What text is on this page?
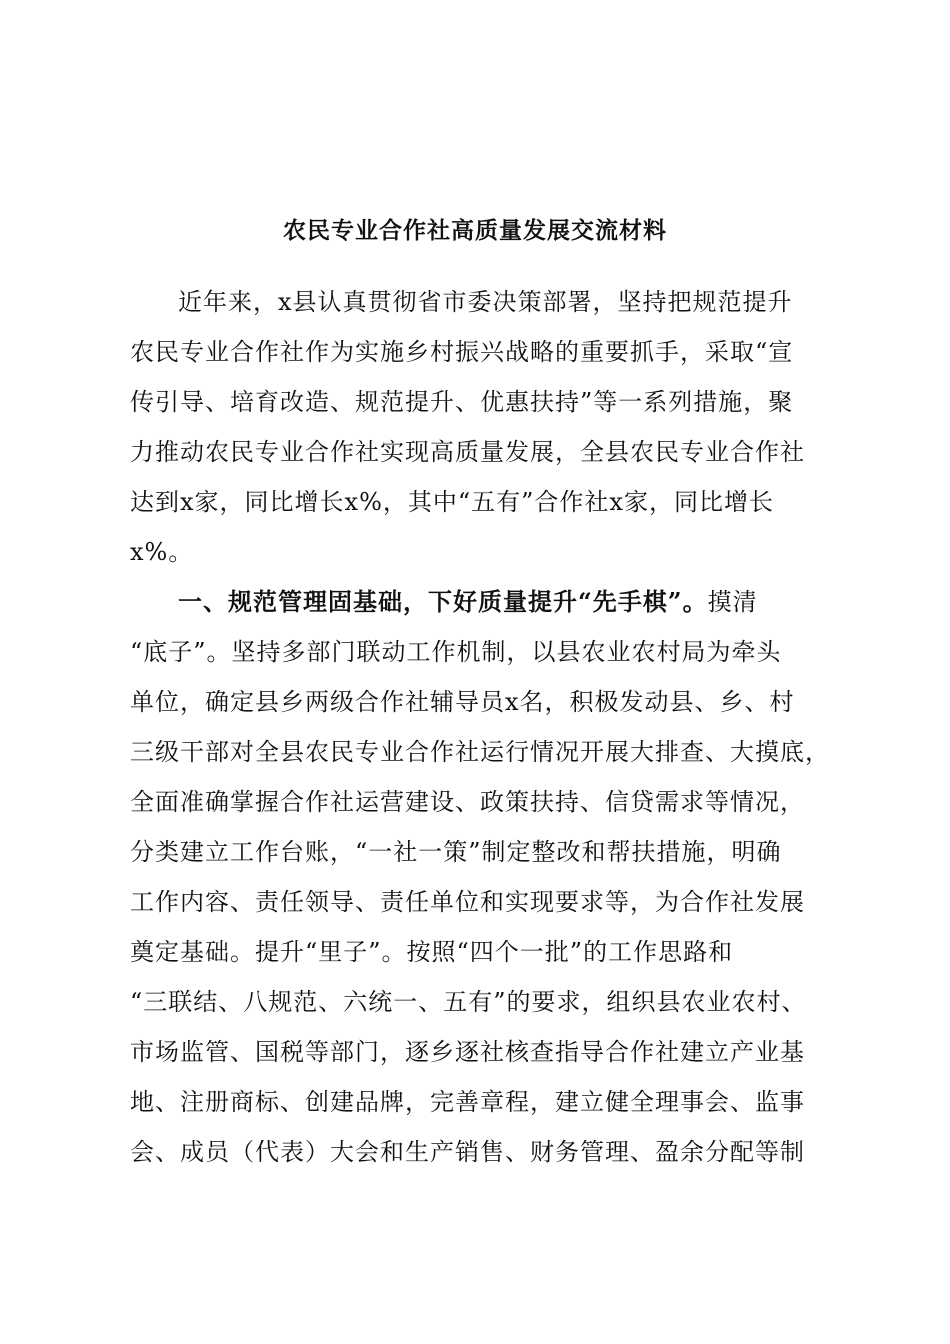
农民专业合作社高质量发展交流材料
近年来，x县认真贯彻省市委决策部署，坚持把规范提升
农民专业合作社作为实施乡村振兴战略的重要抓手，采取“宣
传引导、培育改造、规范提升、优惠扶持”等一系列措施，聚
力推动农民专业合作社实现高质量发展，全县农民专业合作社
达到x家，同比增长x%，其中“五有”合作社x家，同比增长
x%。
一、规范管理固基础，下好质量提升“先手棋”。摸清
“底子”。坚持多部门联动工作机制，以县农业农村局为牵头
单位，确定县乡两级合作社辅导员x名，积极发动县、乡、村
三级干部对全县农民专业合作社运行情况开展大排查、大摸底，
全面准确掌握合作社运营建设、政策扶持、信贷需求等情况，
分类建立工作台账，“一社一策”制定整改和帮扶措施，明确
工作内容、责任领导、责任单位和实现要求等，为合作社发展
奠定基础。提升“里子”。按照“四个一批”的工作思路和
“三联结、八规范、六统一、五有”的要求，组织县农业农村、
市场监管、国税等部门，逐乡逐社核查指导合作社建立产业基
地、注册商标、创建品牌，完善章程，建立健全理事会、监事
会、成员（代表）大会和生产销售、财务管理、盈余分配等制
